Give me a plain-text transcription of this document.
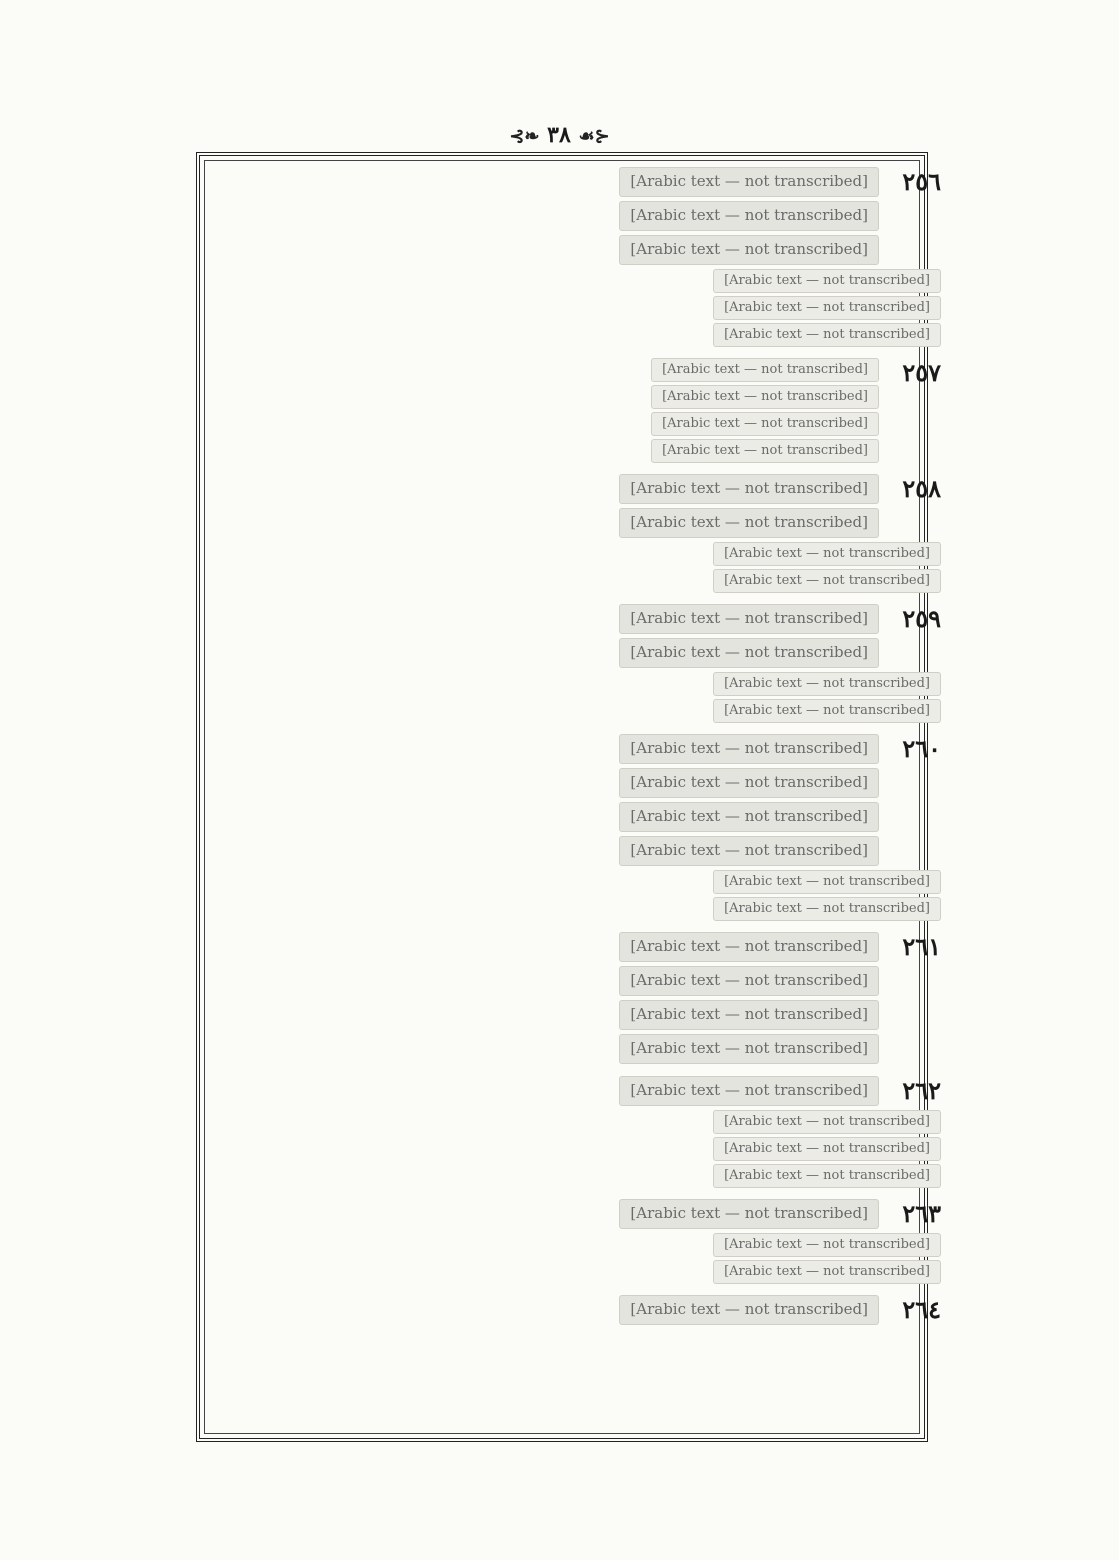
⊰❧ ٣٨ ☙⊱
٢٥٦
[Arabic text — not transcribed]
[Arabic text — not transcribed]
[Arabic text — not transcribed]
[Arabic text — not transcribed]
[Arabic text — not transcribed]
[Arabic text — not transcribed]
٢٥٧
[Arabic text — not transcribed]
[Arabic text — not transcribed]
[Arabic text — not transcribed]
[Arabic text — not transcribed]
٢٥٨
[Arabic text — not transcribed]
[Arabic text — not transcribed]
[Arabic text — not transcribed]
[Arabic text — not transcribed]
٢٥٩
[Arabic text — not transcribed]
[Arabic text — not transcribed]
[Arabic text — not transcribed]
[Arabic text — not transcribed]
٢٦٠
[Arabic text — not transcribed]
[Arabic text — not transcribed]
[Arabic text — not transcribed]
[Arabic text — not transcribed]
[Arabic text — not transcribed]
[Arabic text — not transcribed]
٢٦١
[Arabic text — not transcribed]
[Arabic text — not transcribed]
[Arabic text — not transcribed]
[Arabic text — not transcribed]
٢٦٢
[Arabic text — not transcribed]
[Arabic text — not transcribed]
[Arabic text — not transcribed]
[Arabic text — not transcribed]
٢٦٣
[Arabic text — not transcribed]
[Arabic text — not transcribed]
[Arabic text — not transcribed]
٢٦٤
[Arabic text — not transcribed]
